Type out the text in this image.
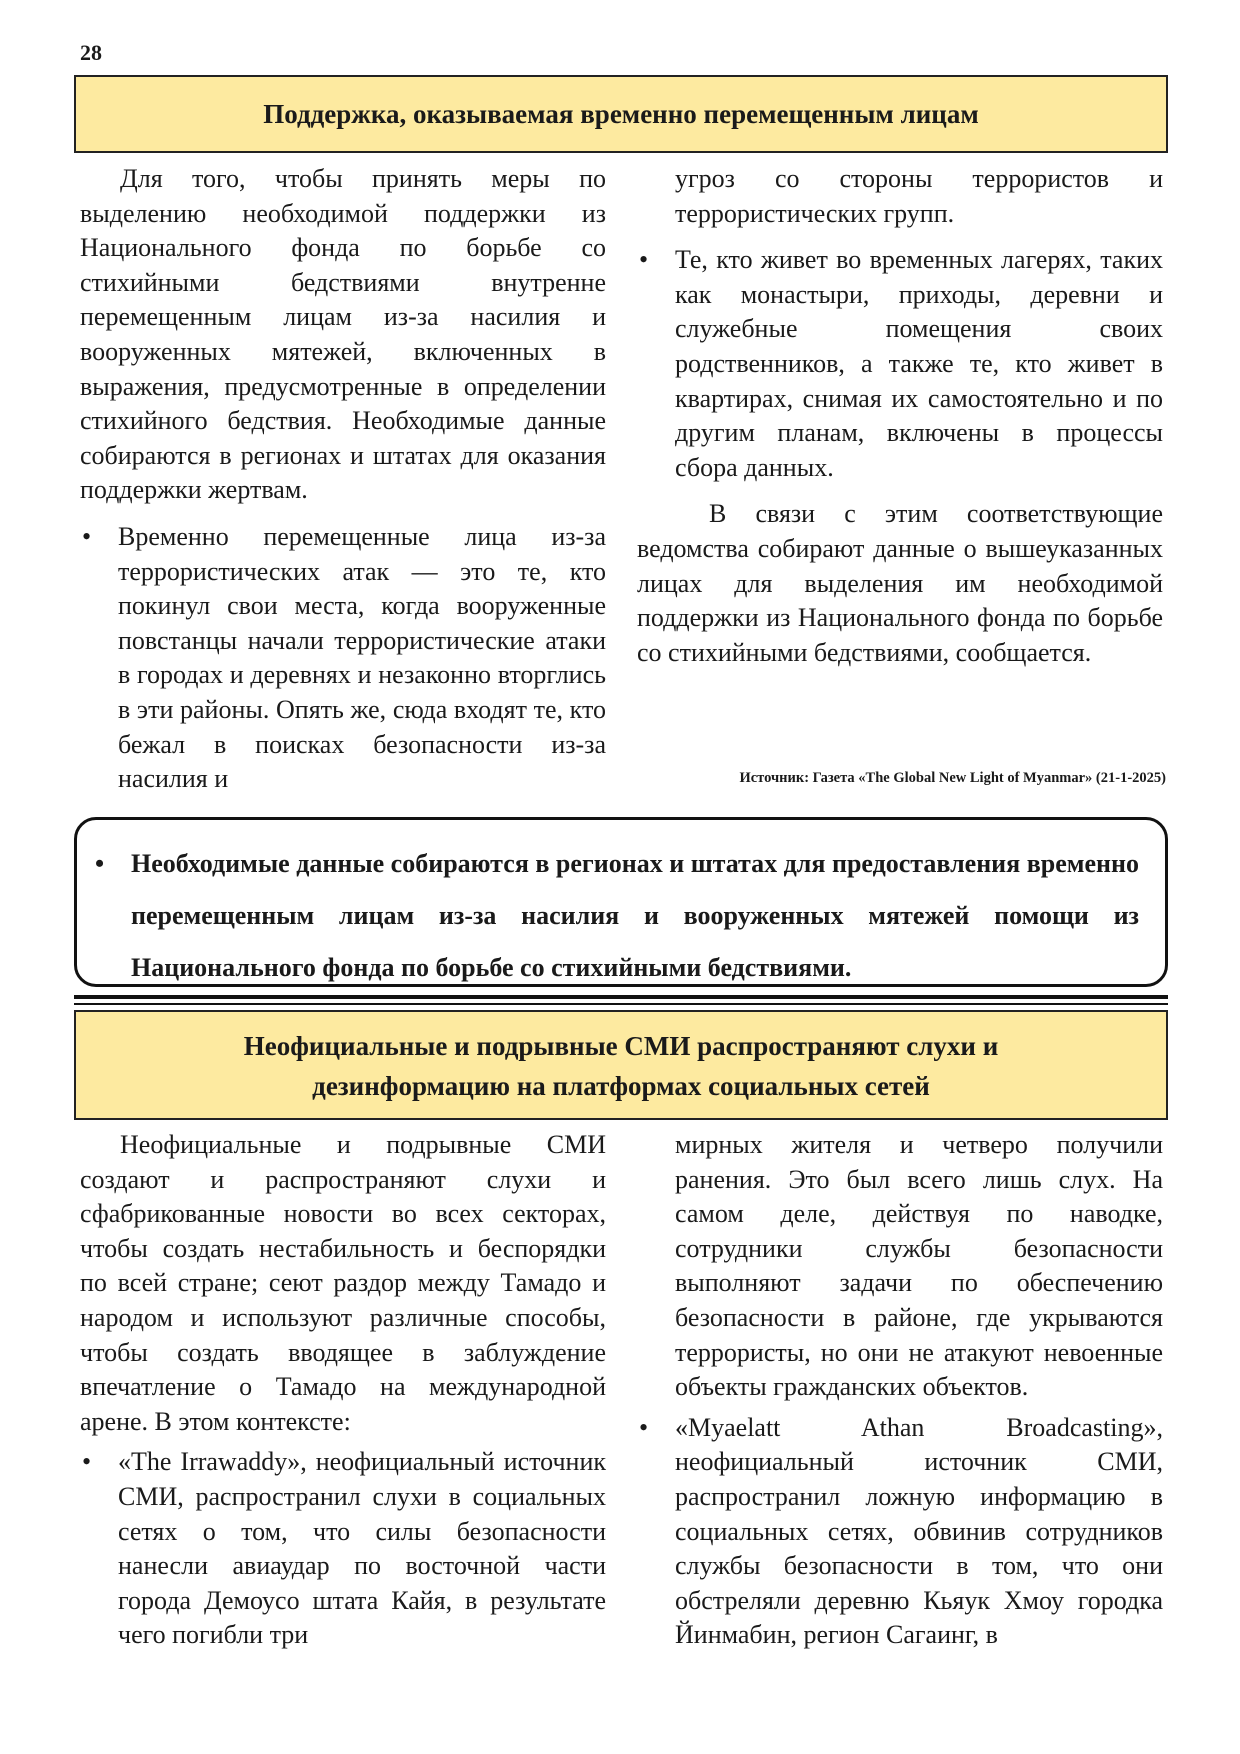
28
Поддержка, оказываемая временно перемещенным лицам

Для того, чтобы принять меры по выделению необходимой поддержки из Национального фонда по борьбе со стихийными бедствиями внутренне перемещенным лицам из-за насилия и вооруженных мятежей, включенных в выражения, предусмотренные в определении стихийного бедствия. Необходимые данные собираются в регионах и штатах для оказания поддержки жертвам.

• Временно перемещенные лица из-за террористических атак — это те, кто покинул свои места, когда вооруженные повстанцы начали террористические атаки в городах и деревнях и незаконно вторглись в эти районы. Опять же, сюда входят те, кто бежал в поисках безопасности из-за насилия и

угроз со стороны террористов и террористических групп.

• Те, кто живет во временных лагерях, таких как монастыри, приходы, деревни и служебные помещения своих родственников, а также те, кто живет в квартирах, снимая их самостоятельно и по другим планам, включены в процессы сбора данных.

В связи с этим соответствующие ведомства собирают данные о вышеуказанных лицах для выделения им необходимой поддержки из Национального фонда по борьбе со стихийными бедствиями, сообщается.

Источник: Газета «The Global New Light of Myanmar» (21-1-2025)
• Необходимые данные собираются в регионах и штатах для предоставления временно перемещенным лицам из-за насилия и вооруженных мятежей помощи из Национального фонда по борьбе со стихийными бедствиями.
Неофициальные и подрывные СМИ распространяют слухи и
дезинформацию на платформах социальных сетей

Неофициальные и подрывные СМИ создают и распространяют слухи и сфабрикованные новости во всех секторах, чтобы создать нестабильность и беспорядки по всей стране; сеют раздор между Тамадо и народом и используют различные способы, чтобы создать вводящее в заблуждение впечатление о Тамадо на международной арене. В этом контексте:

• «The Irrawaddy», неофициальный источник СМИ, распространил слухи в социальных сетях о том, что силы безопасности нанесли авиаудар по восточной части города Демоусо штата Кайя, в результате чего погибли три

мирных жителя и четверо получили ранения. Это был всего лишь слух. На самом деле, действуя по наводке, сотрудники службы безопасности выполняют задачи по обеспечению безопасности в районе, где укрываются террористы, но они не атакуют невоенные объекты гражданских объектов.

• «Myaelatt Athan Broadcasting», неофициальный источник СМИ, распространил ложную информацию в социальных сетях, обвинив сотрудников службы безопасности в том, что они обстреляли деревню Кьяук Хмоу городка Йинмабин, регион Сагаинг, в
